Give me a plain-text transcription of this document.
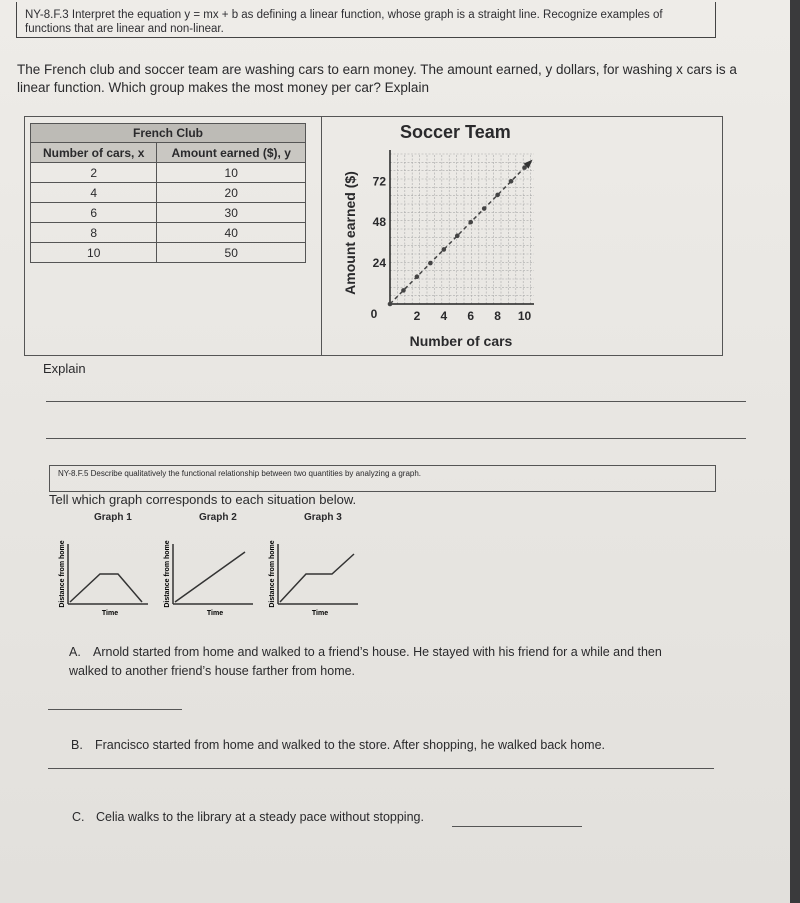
NY-8.F.3 Interpret the equation y = mx + b as defining a linear function, whose graph is a straight line. Recognize examples of functions that are linear and non-linear.
The French club and soccer team are washing cars to earn money. The amount earned, y dollars, for washing x cars is a linear function. Which group makes the most money per car? Explain
French Club	
Number of cars, x	Amount earned ($), y
2	10
4	20
6	30
8	40
10	50
Soccer Team
2 4 6 8 10
24
48
72
0
Amount earned ($)
Number of cars
Explain
NY-8.F.5 Describe qualitatively the functional relationship between two quantities by analyzing a graph.
Tell which graph corresponds to each situation below.
Graph 1	Graph 2	Graph 3
Distance from home
Time
Distance from home
Time
Distance from home
Time
A. Arnold started from home and walked to a friend’s house. He stayed with his friend for a while and then walked to another friend’s house farther from home.
B. Francisco started from home and walked to the store. After shopping, he walked back home.
C. Celia walks to the library at a steady pace without stopping.
